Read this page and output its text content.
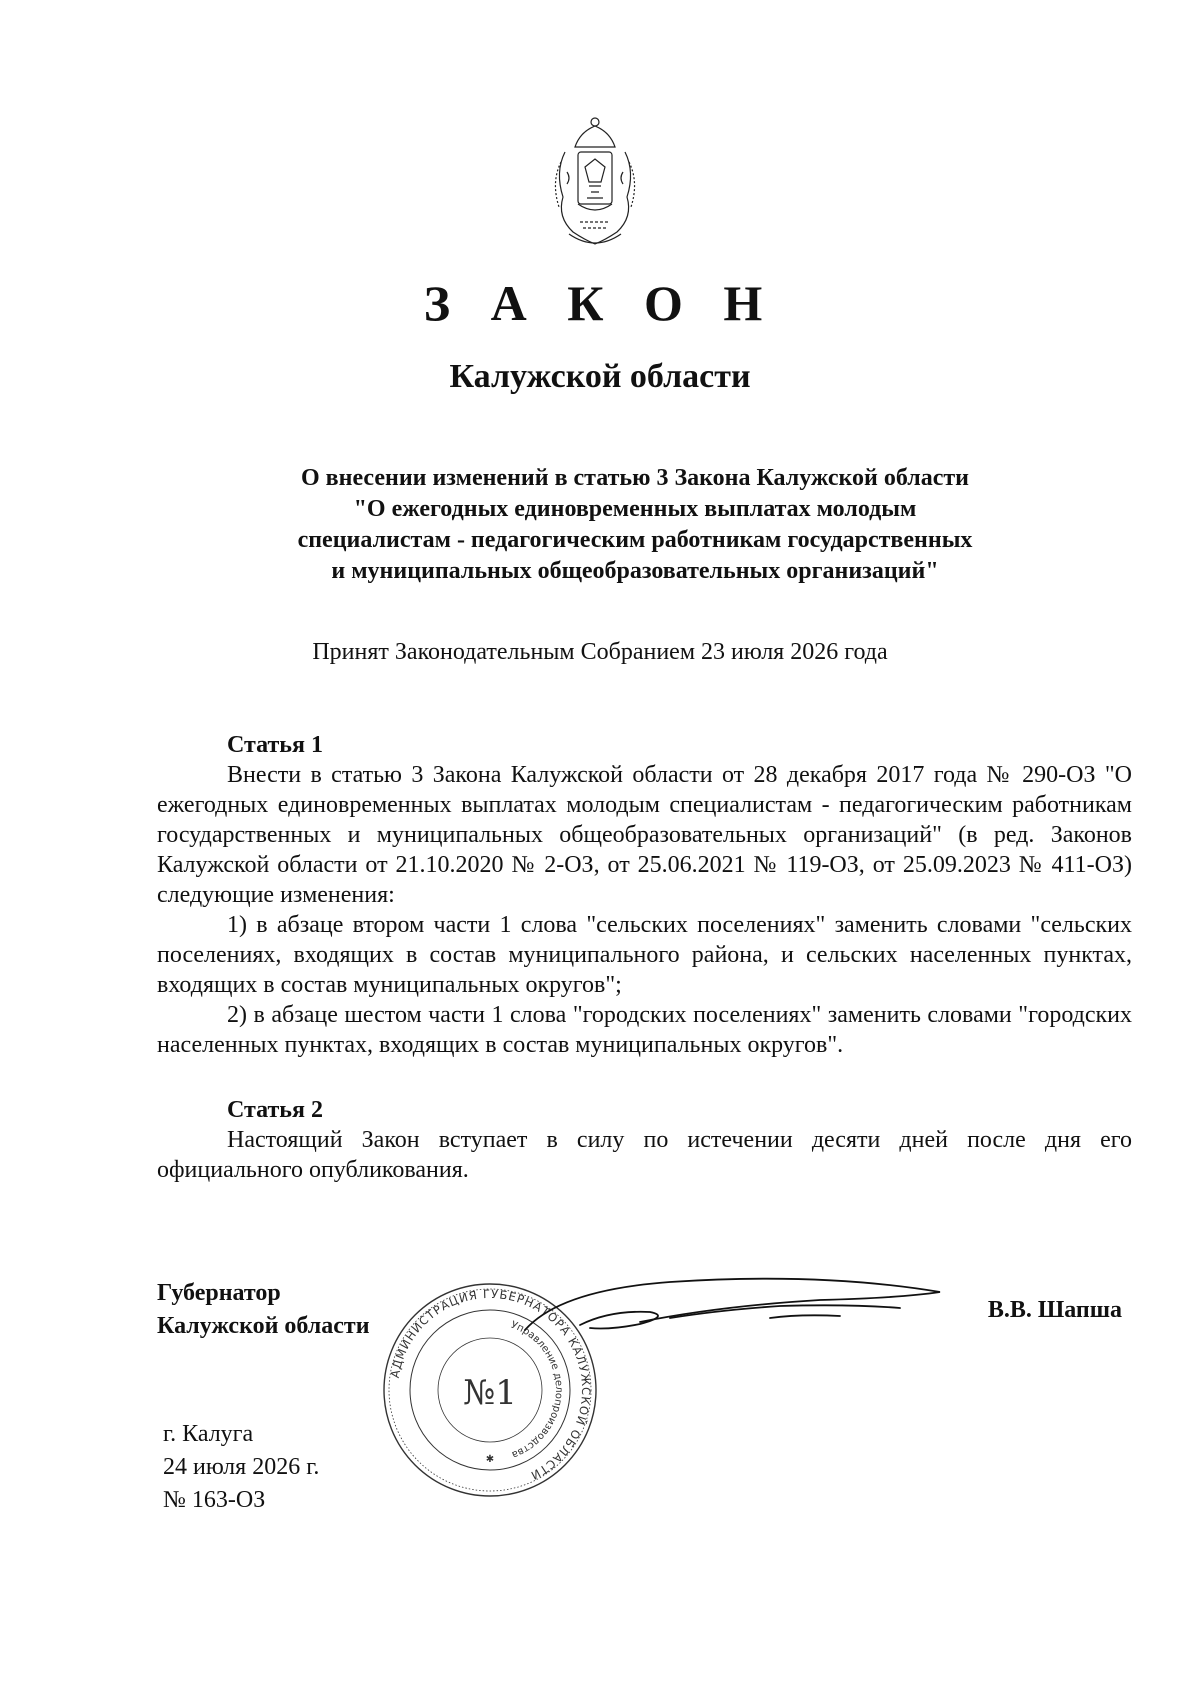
З А К О Н
Калужской области
О внесении изменений в статью 3 Закона Калужской области
"О ежегодных единовременных выплатах молодым
специалистам - педагогическим работникам государственных
и муниципальных общеобразовательных организаций"
Принят Законодательным Собранием 23 июля 2026 года
Статья 1

Внести в статью 3 Закона Калужской области от 28 декабря 2017 года № 290-ОЗ "О ежегодных единовременных выплатах молодым специалистам - педагогическим работникам государственных и муниципальных общеобразовательных организаций" (в ред. Законов Калужской области от 21.10.2020 № 2-ОЗ, от 25.06.2021 № 119-ОЗ, от 25.09.2023 № 411-ОЗ) следующие изменения:

1) в абзаце втором части 1 слова "сельских поселениях" заменить словами "сельских поселениях, входящих в состав муниципального района, и сельских населенных пунктах, входящих в состав муниципальных округов";

2) в абзаце шестом части 1 слова "городских поселениях" заменить словами "городских населенных пунктах, входящих в состав муниципальных округов".

Статья 2

Настоящий Закон вступает в силу по истечении десяти дней после дня его официального опубликования.

Губернатор
Калужской области
В.В. Шапша
г. Калуга
24 июля 2026 г.
№ 163-ОЗ
АДМИНИСТРАЦИЯ ГУБЕРНАТОРА КАЛУЖСКОЙ ОБЛАСТИ
Управление делопроизводства
№1
✱
